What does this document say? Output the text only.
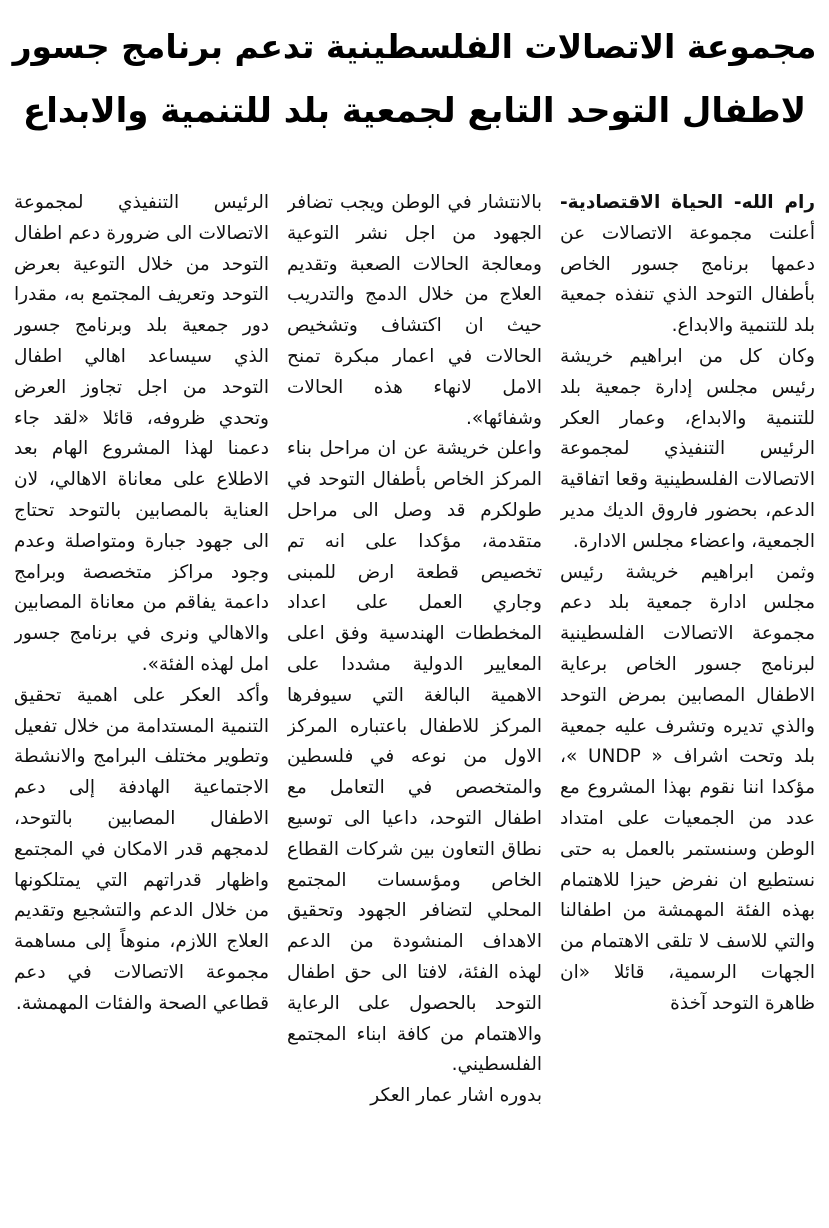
مجموعة الاتصالات الفلسطينية تدعم برنامج جسور
لاطفال التوحد التابع لجمعية بلد للتنمية والابداع

رام الله- الحياة الاقتصادية- أعلنت مجموعة الاتصالات عن دعمها برنامج جسور الخاص بأطفال التوحد الذي تنفذه جمعية بلد للتنمية والابداع.

وكان كل من ابراهيم خريشة رئيس مجلس إدارة جمعية بلد للتنمية والابداع، وعمار العكر الرئيس التنفيذي لمجموعة الاتصالات الفلسطينية وقعا اتفاقية الدعم، بحضور فاروق الديك مدير الجمعية، واعضاء مجلس الادارة.

وثمن ابراهيم خريشة رئيس مجلس ادارة جمعية بلد دعم مجموعة الاتصالات الفلسطينية لبرنامج جسور الخاص برعاية الاطفال المصابين بمرض التوحد والذي تديره وتشرف عليه جمعية بلد وتحت اشراف « UNDP »، مؤكدا اننا نقوم بهذا المشروع مع عدد من الجمعيات على امتداد الوطن وسنستمر بالعمل به حتى نستطيع ان نفرض حيزا للاهتمام بهذه الفئة المهمشة من اطفالنا والتي للاسف لا تلقى الاهتمام من الجهات الرسمية، قائلا «ان ظاهرة التوحد آخذة

بالانتشار في الوطن ويجب تضافر الجهود من اجل نشر التوعية ومعالجة الحالات الصعبة وتقديم العلاج من خلال الدمج والتدريب حيث ان اكتشاف وتشخيص الحالات في اعمار مبكرة تمنح الامل لانهاء هذه الحالات وشفائها».

واعلن خريشة عن ان مراحل بناء المركز الخاص بأطفال التوحد في طولكرم قد وصل الى مراحل متقدمة، مؤكدا على انه تم تخصيص قطعة ارض للمبنى وجاري العمل على اعداد المخططات الهندسية وفق اعلى المعايير الدولية مشددا على الاهمية البالغة التي سيوفرها المركز للاطفال باعتباره المركز الاول من نوعه في فلسطين والمتخصص في التعامل مع اطفال التوحد، داعيا الى توسيع نطاق التعاون بين شركات القطاع الخاص ومؤسسات المجتمع المحلي لتضافر الجهود وتحقيق الاهداف المنشودة من الدعم لهذه الفئة، لافتا الى حق اطفال التوحد بالحصول على الرعاية والاهتمام من كافة ابناء المجتمع الفلسطيني.

بدوره اشار عمار العكر

الرئيس التنفيذي لمجموعة الاتصالات الى ضرورة دعم اطفال التوحد من خلال التوعية بعرض التوحد وتعريف المجتمع به، مقدرا دور جمعية بلد وبرنامج جسور الذي سيساعد اهالي اطفال التوحد من اجل تجاوز العرض وتحدي ظروفه، قائلا «لقد جاء دعمنا لهذا المشروع الهام بعد الاطلاع على معاناة الاهالي، لان العناية بالمصابين بالتوحد تحتاج الى جهود جبارة ومتواصلة وعدم وجود مراكز متخصصة وبرامج داعمة يفاقم من معاناة المصابين والاهالي ونرى في برنامج جسور امل لهذه الفئة».

وأكد العكر على اهمية تحقيق التنمية المستدامة من خلال تفعيل وتطوير مختلف البرامج والانشطة الاجتماعية الهادفة إلى دعم الاطفال المصابين بالتوحد، لدمجهم قدر الامكان في المجتمع واظهار قدراتهم التي يمتلكونها من خلال الدعم والتشجيع وتقديم العلاج اللازم، منوهاً إلى مساهمة مجموعة الاتصالات في دعم قطاعي الصحة والفئات المهمشة.
